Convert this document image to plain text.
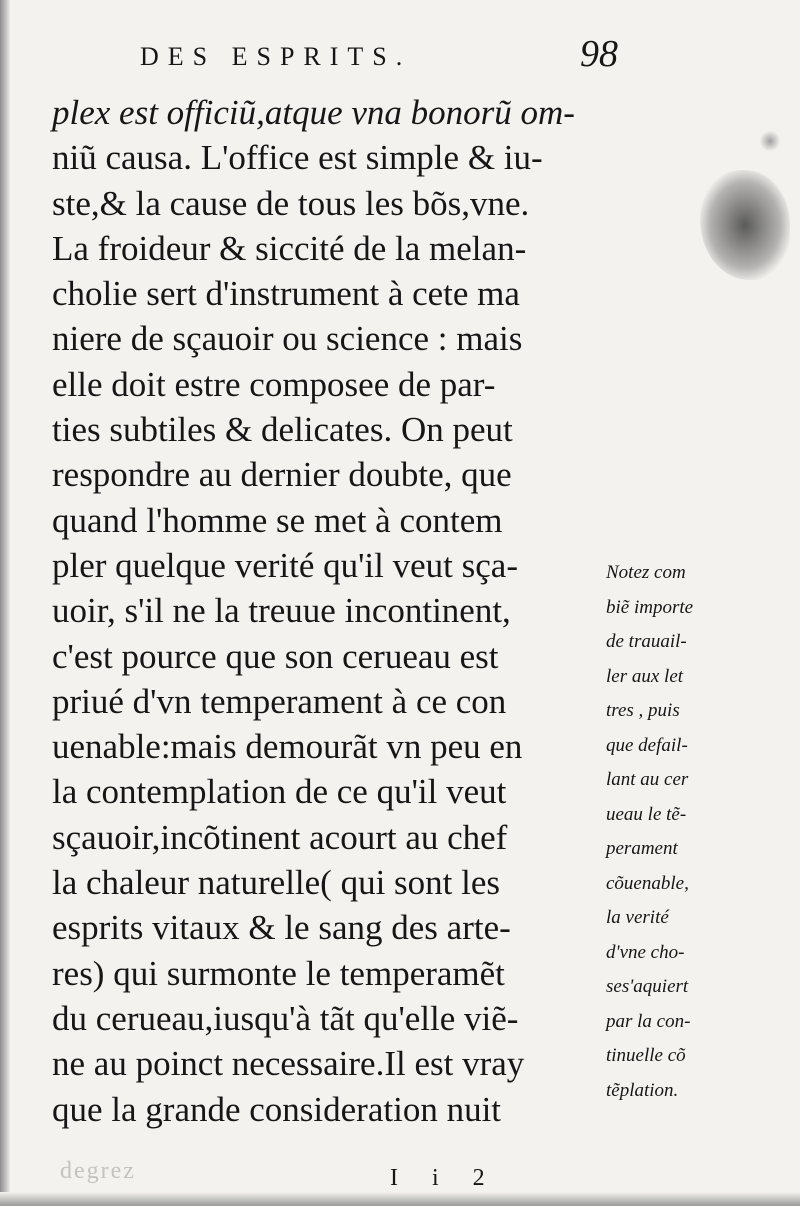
DES ESPRITS.	98
plex est officiũ,atque vna bonorũ om-
niũ causa. L'office est simple & iu-
ste,& la cause de tous les bõs,vne.
La froideur & siccité de la melan-
cholie sert d'instrument à cete ma
niere de sçauoir ou science : mais
elle doit estre composee de par-
ties subtiles & delicates. On peut
respondre au dernier doubte, que
quand l'homme se met à contem
pler quelque verité qu'il veut sça-
uoir, s'il ne la treuue incontinent,
c'est pource que son cerueau est
priué d'vn temperament à ce con
uenable:mais demourãt vn peu en
la contemplation de ce qu'il veut
sçauoir,incõtinent acourt au chef
la chaleur naturelle( qui sont les
esprits vitaux & le sang des arte-
res) qui surmonte le temperamẽt
du cerueau,iusqu'à tãt qu'elle viẽ-
ne au poinct necessaire.Il est vray
que la grande consideration nuit
Notez com
biẽ importe
de trauail-
ler aux let
tres , puis
que defail-
lant au cer
ueau le tẽ-
perament
cõuenable,
la verité
d'vne cho-
ses'aquiert
par la con-
tinuelle cõ
tẽplation.
degrez	I i 2
